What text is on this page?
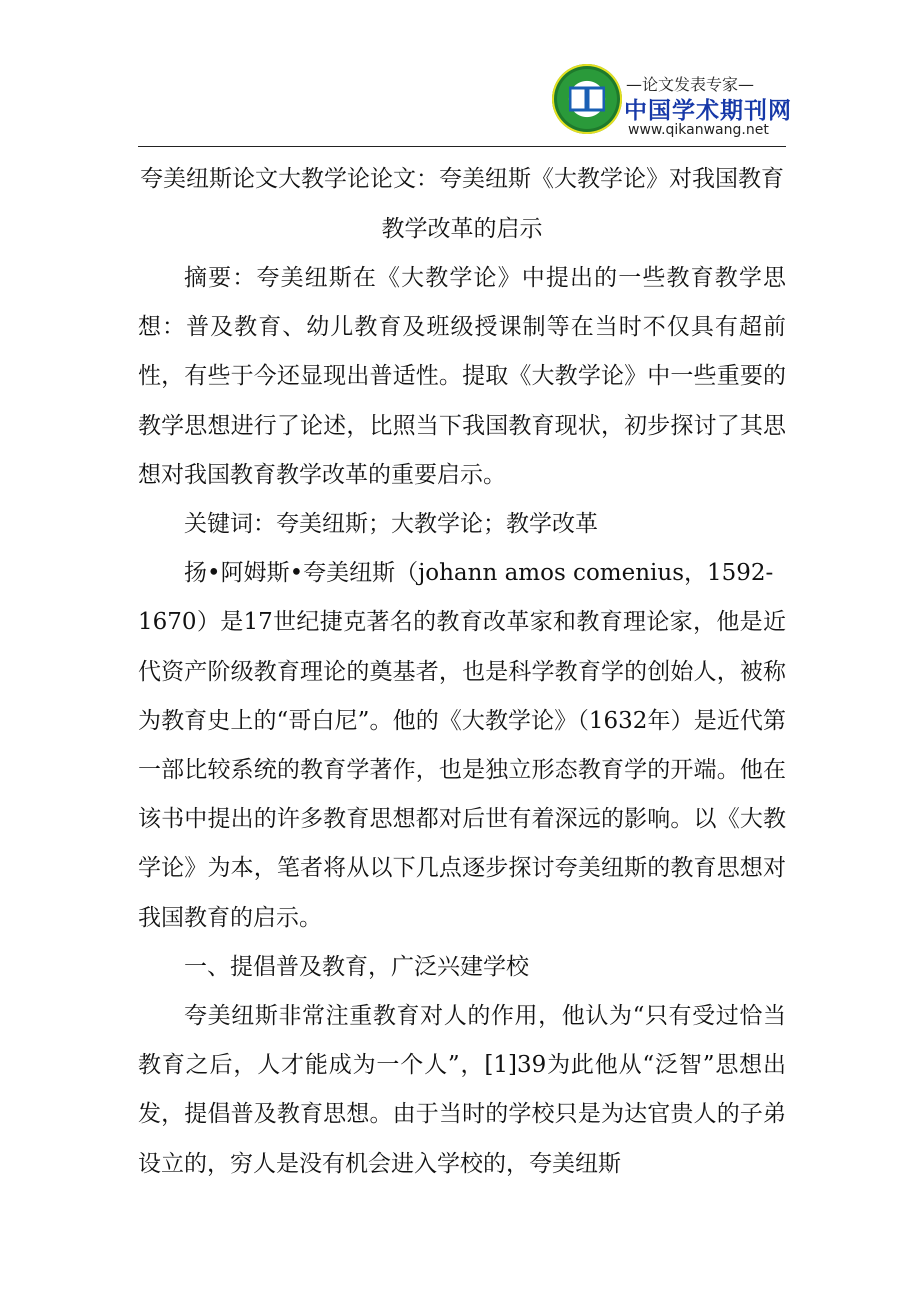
—论文发表专家—
中国学术期刊网
www.qikanwang.net
夸美纽斯论文大教学论论文：夸美纽斯《大教学论》对我国教育教学改革的启示

摘要：夸美纽斯在《大教学论》中提出的一些教育教学思想：普及教育、幼儿教育及班级授课制等在当时不仅具有超前性，有些于今还显现出普适性。提取《大教学论》中一些重要的教学思想进行了论述，比照当下我国教育现状，初步探讨了其思想对我国教育教学改革的重要启示。

关键词：夸美纽斯；大教学论；教学改革

扬•阿姆斯•夸美纽斯（johann amos comenius，1592-

1670）是17世纪捷克著名的教育改革家和教育理论家，他是近代资产阶级教育理论的奠基者，也是科学教育学的创始人，被称为教育史上的“哥白尼”。他的《大教学论》（1632年）是近代第一部比较系统的教育学著作，也是独立形态教育学的开端。他在该书中提出的许多教育思想都对后世有着深远的影响。以《大教学论》为本，笔者将从以下几点逐步探讨夸美纽斯的教育思想对我国教育的启示。

一、提倡普及教育，广泛兴建学校

夸美纽斯非常注重教育对人的作用，他认为“只有受过恰当教育之后，人才能成为一个人”，[1]39为此他从“泛智”思想出发，提倡普及教育思想。由于当时的学校只是为达官贵人的子弟设立的，穷人是没有机会进入学校的，夸美纽斯
